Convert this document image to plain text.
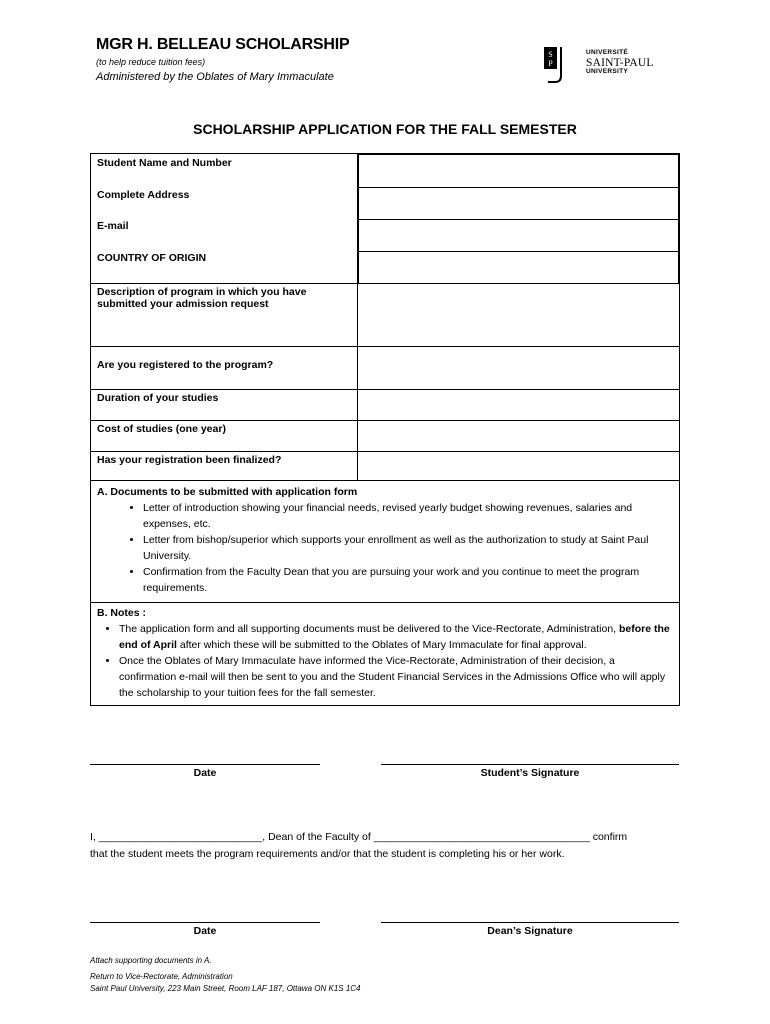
MGR H. BELLEAU SCHOLARSHIP
(to help reduce tuition fees)
Administered by the Oblates of Mary Immaculate
S
P
UNIVERSITÉ
SAINT-PAUL
UNIVERSITY
SCHOLARSHIP APPLICATION FOR THE FALL SEMESTER
Student Name and Number
Complete Address
E-mail
COUNTRY OF ORIGIN

Description of program in which you have submitted your admission request	
Are you registered to the program?	
Duration of your studies	
Cost of studies (one year)	
Has your registration been finalized?	

A. Documents to be submitted with application form
• Letter of introduction showing your financial needs, revised yearly budget showing revenues, salaries and expenses, etc.
• Letter from bishop/superior which supports your enrollment as well as the authorization to study at Saint Paul University.
• Confirmation from the Faculty Dean that you are pursuing your work and you continue to meet the program requirements.

B. Notes :
• The application form and all supporting documents must be delivered to the Vice-Rectorate, Administration, before the end of April after which these will be submitted to the Oblates of Mary Immaculate for final approval.
• Once the Oblates of Mary Immaculate have informed the Vice-Rectorate, Administration of their decision, a confirmation e-mail will then be sent to you and the Student Financial Services in the Admissions Office who will apply the scholarship to your tuition fees for the fall semester.
Date	Student’s Signature
I, ____________________________, Dean of the Faculty of _____________________________________ confirm
that the student meets the program requirements and/or that the student is completing his or her work.
Date	Dean’s Signature
Attach supporting documents in A.
Return to Vice-Rectorate, Administration
Saint Paul University, 223 Main Street, Room LAF 187, Ottawa ON K1S 1C4
